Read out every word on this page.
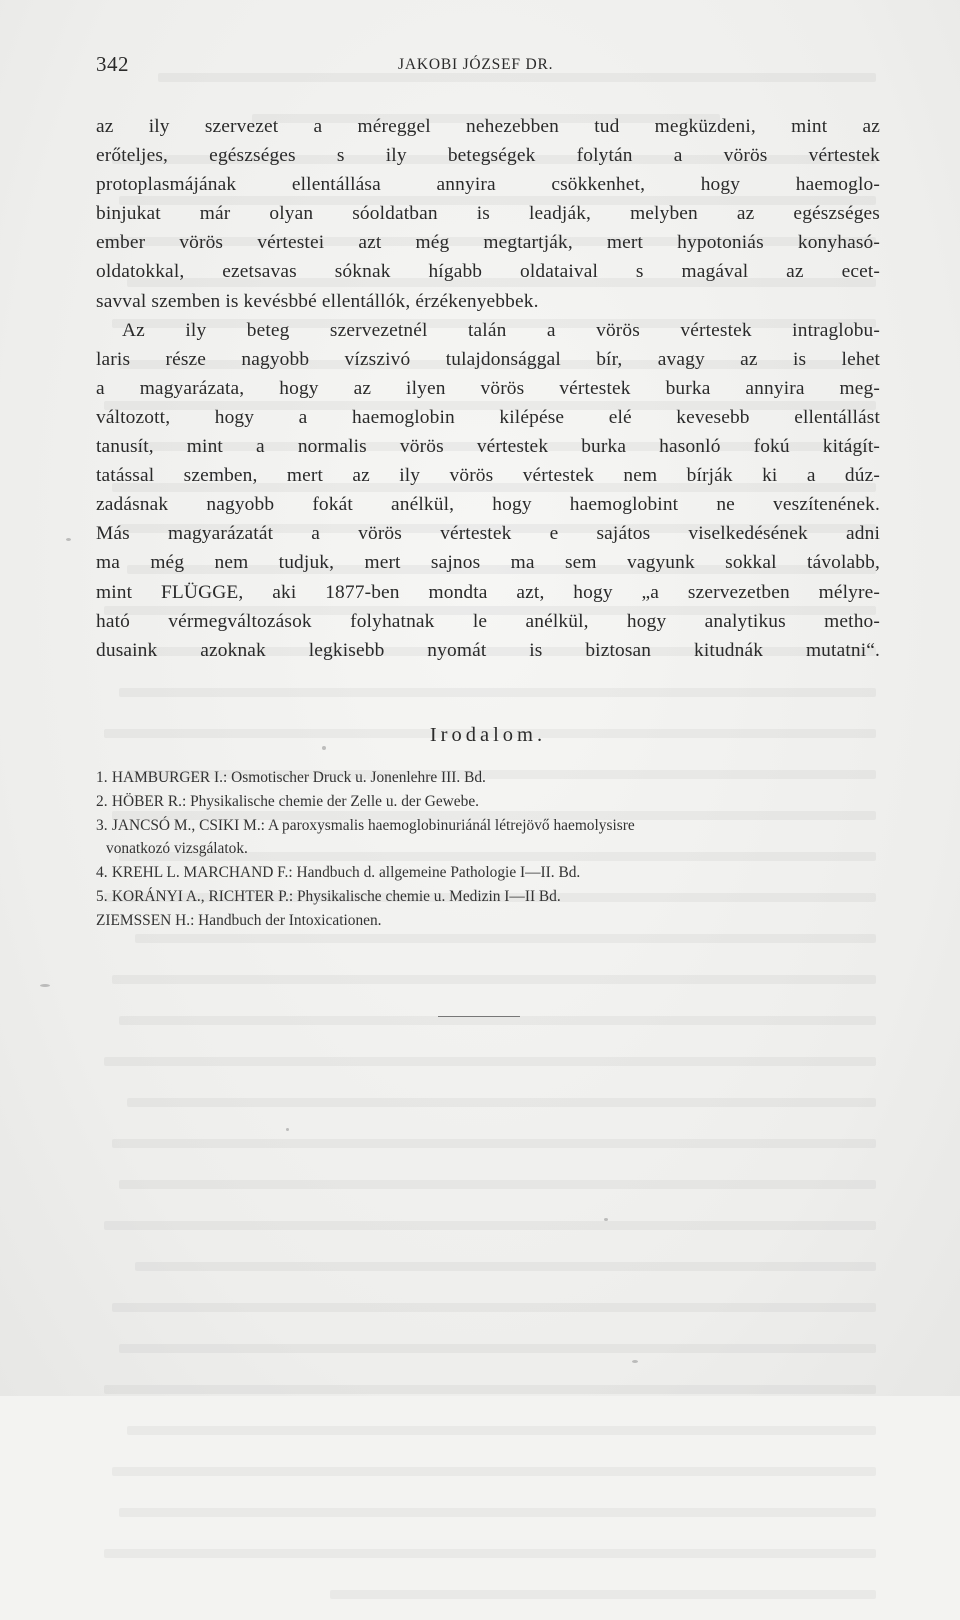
342	JAKOBI JÓZSEF DR.
az ily szervezet a méreggel nehezebben tud megküzdeni, mint az
erőteljes, egészséges s ily betegségek folytán a vörös vértestek
protoplasmájának ellentállása annyira csökkenhet, hogy haemoglo-
binjukat már olyan sóoldatban is leadják, melyben az egészséges
ember vörös vértestei azt még megtartják, mert hypotoniás konyhasó-
oldatokkal, ezetsavas sóknak hígabb oldataival s magával az ecet-
savval szemben is kevésbbé ellentállók, érzékenyebbek.
Az ily beteg szervezetnél talán a vörös vértestek intraglobu-
laris része nagyobb vízszivó tulajdonsággal bír, avagy az is lehet
a magyarázata, hogy az ilyen vörös vértestek burka annyira meg-
változott, hogy a haemoglobin kilépése elé kevesebb ellentállást
tanusít, mint a normalis vörös vértestek burka hasonló fokú kitágít-
tatással szemben, mert az ily vörös vértestek nem bírják ki a dúz-
zadásnak nagyobb fokát anélkül, hogy haemoglobint ne veszítenének.
Más magyarázatát a vörös vértestek e sajátos viselkedésének adni
ma még nem tudjuk, mert sajnos ma sem vagyunk sokkal távolabb,
mint FLÜGGE, aki 1877-ben mondta azt, hogy „a szervezetben mélyre-
ható vérmegváltozások folyhatnak le anélkül, hogy analytikus metho-
dusaink azoknak legkisebb nyomát is biztosan kitudnák mutatni“.
Irodalom.
1. HAMBURGER I.: Osmotischer Druck u. Jonenlehre III. Bd.
2. HÖBER R.: Physikalische chemie der Zelle u. der Gewebe.
3. JANCSÓ M., CSIKI M.: A paroxysmalis haemoglobinuriánál létrejövő haemolysisre
vonatkozó vizsgálatok.
4. KREHL L. MARCHAND F.: Handbuch d. allgemeine Pathologie I—II. Bd.
5. KORÁNYI A., RICHTER P.: Physikalische chemie u. Medizin I—II Bd.
ZIEMSSEN H.: Handbuch der Intoxicationen.
